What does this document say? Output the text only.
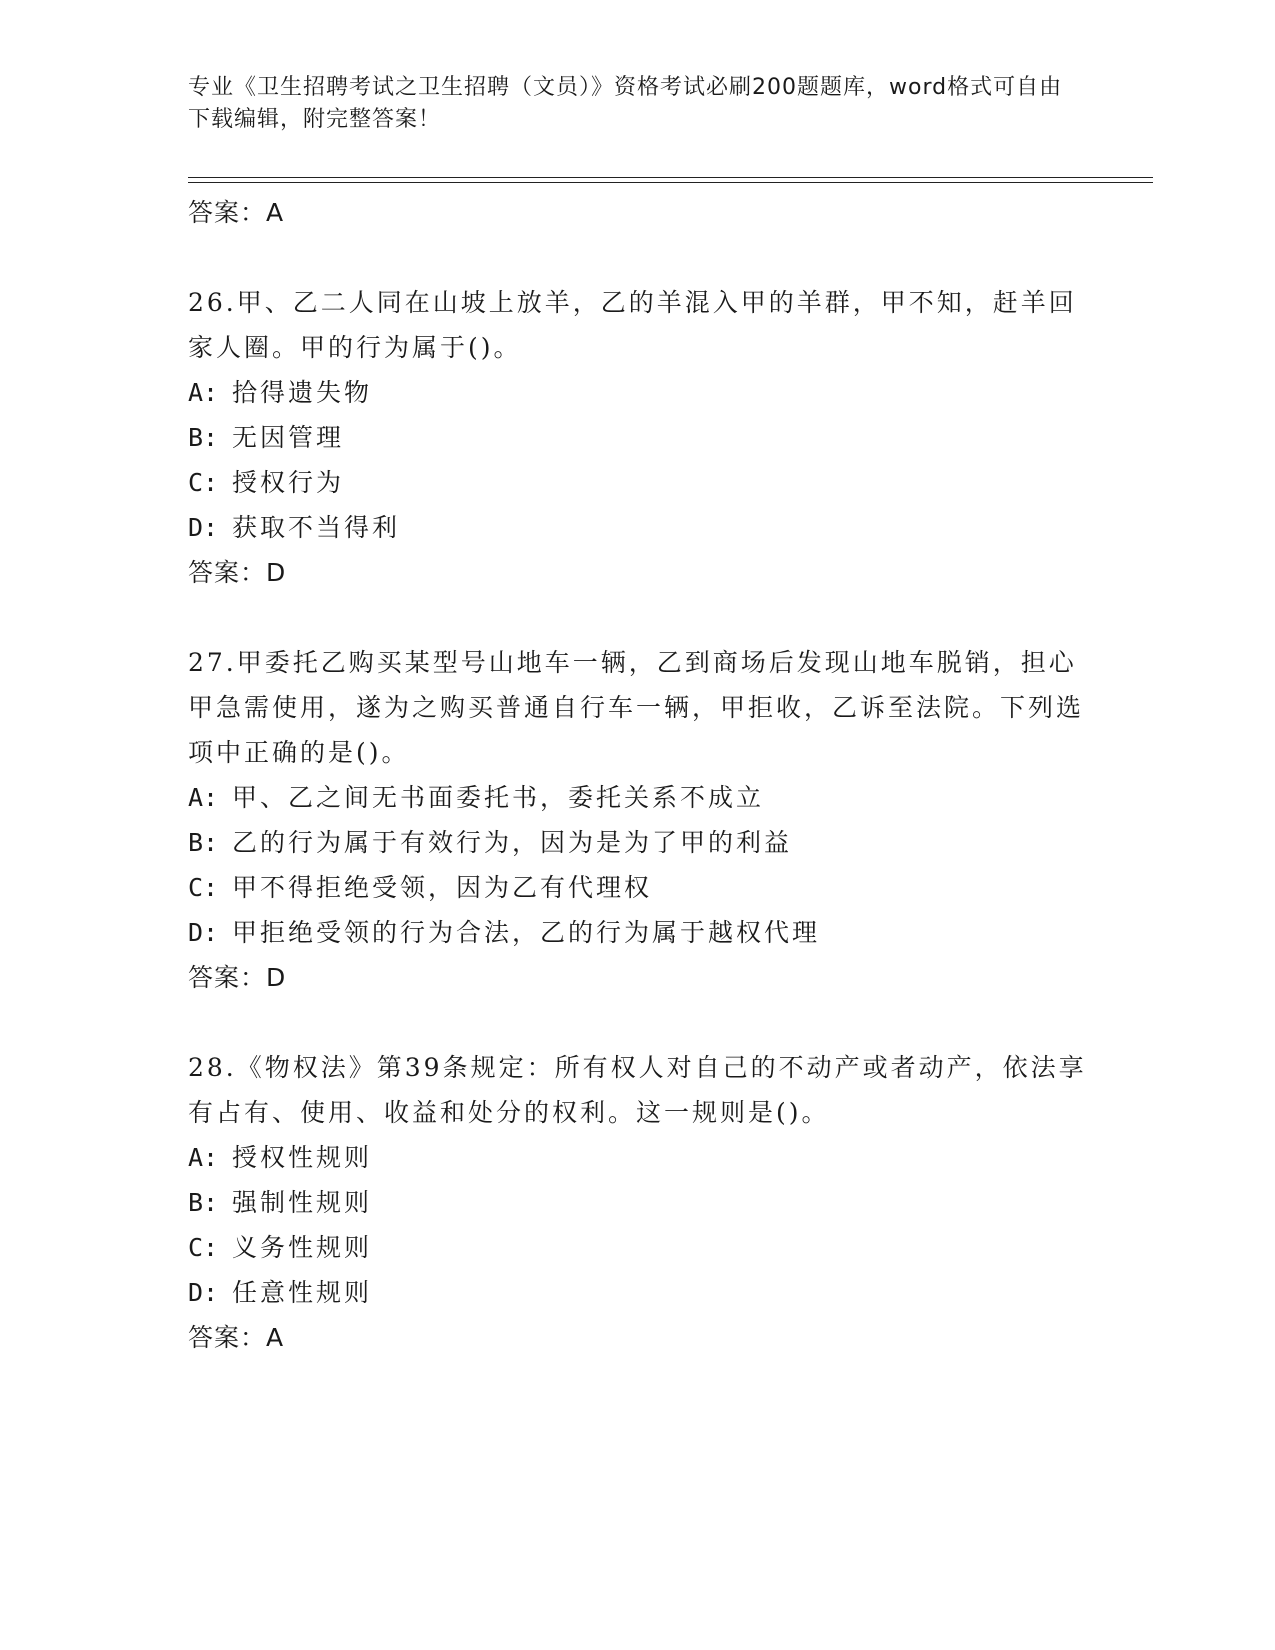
专业《卫生招聘考试之卫生招聘（文员）》资格考试必刷200题题库，word格式可自由下载编辑，附完整答案！

答案：A

26.甲、乙二人同在山坡上放羊，乙的羊混入甲的羊群，甲不知，赶羊回家人圈。甲的行为属于()。

A: 拾得遗失物

B: 无因管理

C: 授权行为

D: 获取不当得利

答案：D

27.甲委托乙购买某型号山地车一辆，乙到商场后发现山地车脱销，担心甲急需使用，遂为之购买普通自行车一辆，甲拒收，乙诉至法院。下列选项中正确的是()。

A: 甲、乙之间无书面委托书，委托关系不成立

B: 乙的行为属于有效行为，因为是为了甲的利益

C: 甲不得拒绝受领，因为乙有代理权

D: 甲拒绝受领的行为合法，乙的行为属于越权代理

答案：D

28.《物权法》第39条规定：所有权人对自己的不动产或者动产，依法享有占有、使用、收益和处分的权利。这一规则是()。

A: 授权性规则

B: 强制性规则

C: 义务性规则

D: 任意性规则

答案：A
